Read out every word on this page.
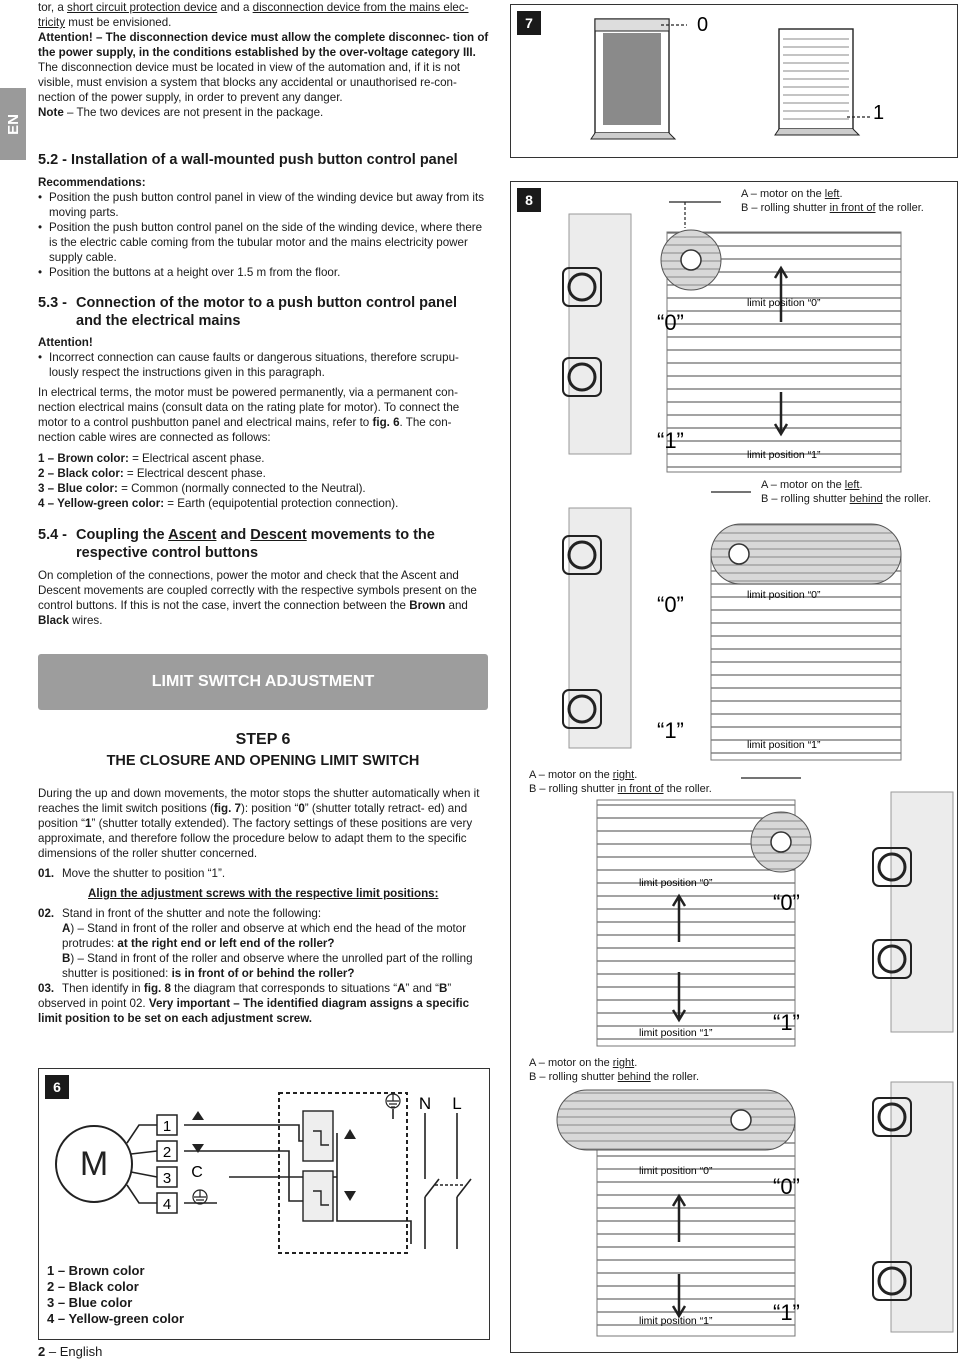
EN

tor, a short circuit protection device and a disconnection device from the mains elec-
tricity must be envisioned.

Attention! – The disconnection device must allow the complete disconnec- tion of the power supply, in the conditions established by the over-voltage category III.

The disconnection device must be located in view of the automation and, if it is not visible, must envision a system that blocks any accidental or unauthorised re-con- nection of the power supply, in order to prevent any danger.

Note – The two devices are not present in the package.

5.2 - Installation of a wall-mounted push button control panel

Recommendations:

• Position the push button control panel in view of the winding device but away from its moving parts.
• Position the push button control panel on the side of the winding device, where there is the electric cable coming from the tubular motor and the mains electricity power supply cable.
• Position the buttons at a height over 1.5 m from the floor.
5.3 - Connection of the motor to a push button control panel and the electrical mains

Attention!

• Incorrect connection can cause faults or dangerous situations, therefore scrupu- lously respect the instructions given in this paragraph.

In electrical terms, the motor must be powered permanently, via a permanent con- nection electrical mains (consult data on the rating plate for motor). To connect the motor to a control pushbutton panel and electrical mains, refer to fig. 6. The con- nection cable wires are connected as follows:

1 – Brown color: = Electrical ascent phase.

2 – Black color: = Electrical descent phase.

3 – Blue color: = Common (normally connected to the Neutral).

4 – Yellow-green color: = Earth (equipotential protection connection).

5.4 - Coupling the Ascent and Descent movements to the
respective control buttons

On completion of the connections, power the motor and check that the Ascent and Descent movements are coupled correctly with the respective symbols present on the control buttons. If this is not the case, invert the connection between the Brown and Black wires.

LIMIT SWITCH ADJUSTMENT
STEP 6
THE CLOSURE AND OPENING LIMIT SWITCH

During the up and down movements, the motor stops the shutter automatically when it reaches the limit switch positions (fig. 7): position “0” (shutter totally retract- ed) and position “1” (shutter totally extended). The factory settings of these positions are very approximate, and therefore follow the procedure below to adapt them to the specific dimensions of the roller shutter concerned.

01. Move the shutter to position “1”.

Align the adjustment screws with the respective limit positions:

02. Stand in front of the shutter and note the following:

A) – Stand in front of the roller and observe at which end the head of the motor protrudes: at the right end or left end of the roller?

B) – Stand in front of the roller and observe where the unrolled part of the rolling shutter is positioned: is in front of or behind the roller?

03. Then identify in fig. 8 the diagram that corresponds to situations “A” and “B” observed in point 02. Very important – The identified diagram assigns a specific limit position to be set on each adjustment screw.

6
M
1
2
3
4
C
N L
1 – Brown color
2 – Black color
3 – Blue color
4 – Yellow-green color
7	0
1
8	A – motor on the left.
B – rolling shutter in front of the roller.
A – motor on the left.
B – rolling shutter behind the roller.
A – motor on the right.
B – rolling shutter in front of the roller.
A – motor on the right.
B – rolling shutter behind the roller.
“0”
“1”
limit position “0”
limit position “1”
“0”
“1”
limit position “0”
limit position “1”
“0”
“1”
limit position “0”
limit position “1”
“0”
“1”
limit position “0”
limit position “1”
2 – English
